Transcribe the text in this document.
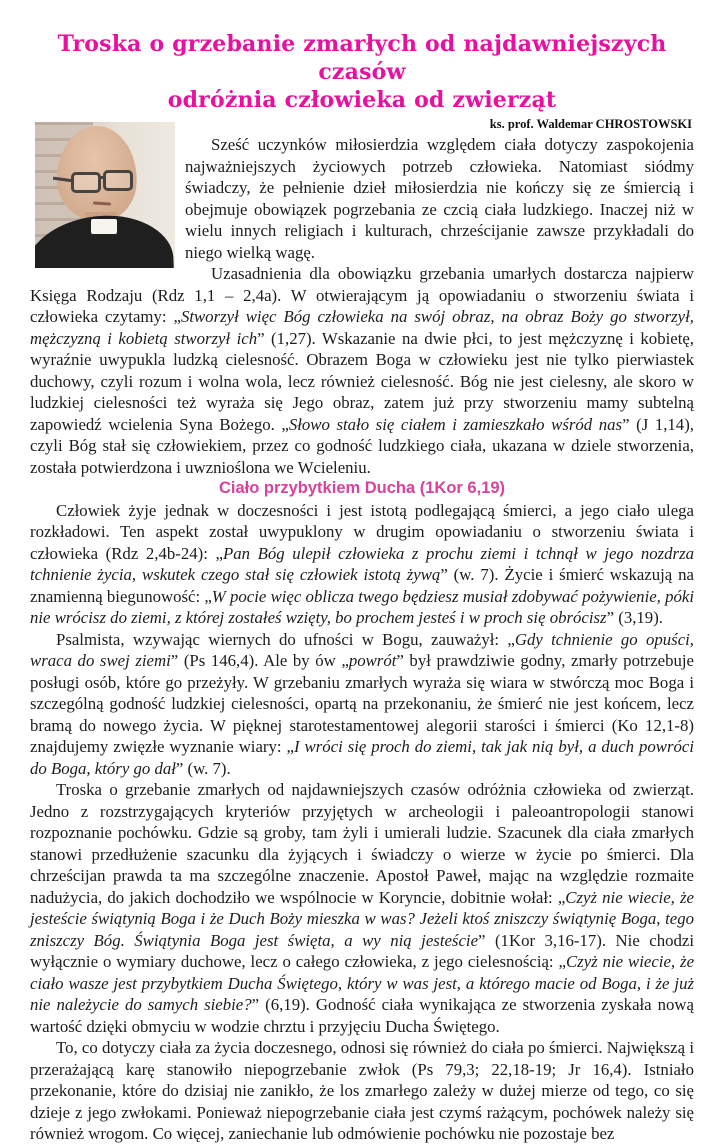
Troska o grzebanie zmarłych od najdawniejszych czasów
odróżnia człowieka od zwierząt
ks. prof. Waldemar CHROSTOWSKI

Sześć uczynków miłosierdzia względem ciała dotyczy zaspokojenia najważniejszych życiowych potrzeb człowieka. Natomiast siódmy świadczy, że pełnienie dzieł miłosierdzia nie kończy się ze śmiercią i obejmuje obowiązek pogrzebania ze czcią ciała ludzkiego. Inaczej niż w wielu innych religiach i kulturach, chrześcijanie zawsze przykładali do niego wielką wagę.

Uzasadnienia dla obowiązku grzebania umarłych dostarcza najpierw Księga Rodzaju (Rdz 1,1 – 2,4a). W otwierającym ją opowiadaniu o stworzeniu świata i człowieka czytamy: „Stworzył więc Bóg człowieka na swój obraz, na obraz Boży go stworzył, mężczyzną i kobietą stworzył ich” (1,27). Wskazanie na dwie płci, to jest mężczyznę i kobietę, wyraźnie uwypukla ludzką cielesność. Obrazem Boga w człowieku jest nie tylko pierwiastek duchowy, czyli rozum i wolna wola, lecz również cielesność. Bóg nie jest cielesny, ale skoro w ludzkiej cielesności też wyraża się Jego obraz, zatem już przy stworzeniu mamy subtelną zapowiedź wcielenia Syna Bożego. „Słowo stało się ciałem i zamieszkało wśród nas” (J 1,14), czyli Bóg stał się człowiekiem, przez co godność ludzkiego ciała, ukazana w dziele stworzenia, została potwierdzona i uwznioślona we Wcieleniu.

Ciało przybytkiem Ducha (1Kor 6,19)

Człowiek żyje jednak w doczesności i jest istotą podlegającą śmierci, a jego ciało ulega rozkładowi. Ten aspekt został uwypuklony w drugim opowiadaniu o stworzeniu świata i człowieka (Rdz 2,4b-24): „Pan Bóg ulepił człowieka z prochu ziemi i tchnął w jego nozdrza tchnienie życia, wskutek czego stał się człowiek istotą żywą” (w. 7). Życie i śmierć wskazują na znamienną biegunowość: „W pocie więc oblicza twego będziesz musiał zdobywać pożywienie, póki nie wrócisz do ziemi, z której zostałeś wzięty, bo prochem jesteś i w proch się obrócisz” (3,19).

Psalmista, wzywając wiernych do ufności w Bogu, zauważył: „Gdy tchnienie go opuści, wraca do swej ziemi” (Ps 146,4). Ale by ów „powrót” był prawdziwie godny, zmarły potrzebuje posługi osób, które go przeżyły. W grzebaniu zmarłych wyraża się wiara w stwórczą moc Boga i szczególną godność ludzkiej cielesności, opartą na przekonaniu, że śmierć nie jest końcem, lecz bramą do nowego życia. W pięknej starotestamentowej alegorii starości i śmierci (Ko 12,1-8) znajdujemy zwięzłe wyznanie wiary: „I wróci się proch do ziemi, tak jak nią był, a duch powróci do Boga, który go dał” (w. 7).

Troska o grzebanie zmarłych od najdawniejszych czasów odróżnia człowieka od zwierząt. Jedno z rozstrzygających kryteriów przyjętych w archeologii i paleoantropologii stanowi rozpoznanie pochówku. Gdzie są groby, tam żyli i umierali ludzie. Szacunek dla ciała zmarłych stanowi przedłużenie szacunku dla żyjących i świadczy o wierze w życie po śmierci. Dla chrześcijan prawda ta ma szczególne znaczenie. Apostoł Paweł, mając na względzie rozmaite nadużycia, do jakich dochodziło we wspólnocie w Koryncie, dobitnie wołał: „Czyż nie wiecie, że jesteście świątynią Boga i że Duch Boży mieszka w was? Jeżeli ktoś zniszczy świątynię Boga, tego zniszczy Bóg. Świątynia Boga jest święta, a wy nią jesteście” (1Kor 3,16-17). Nie chodzi wyłącznie o wymiary duchowe, lecz o całego człowieka, z jego cielesnością: „Czyż nie wiecie, że ciało wasze jest przybytkiem Ducha Świętego, który w was jest, a którego macie od Boga, i że już nie należycie do samych siebie?” (6,19). Godność ciała wynikająca ze stworzenia zyskała nową wartość dzięki obmyciu w wodzie chrztu i przyjęciu Ducha Świętego.

To, co dotyczy ciała za życia doczesnego, odnosi się również do ciała po śmierci. Największą i przerażającą karę stanowiło niepogrzebanie zwłok (Ps 79,3; 22,18-19; Jr 16,4). Istniało przekonanie, które do dzisiaj nie zanikło, że los zmarłego zależy w dużej mierze od tego, co się dzieje z jego zwłokami. Ponieważ niepogrzebanie ciała jest czymś rażącym, pochówek należy się również wrogom. Co więcej, zaniechanie lub odmówienie pochówku nie pozostaje bez
